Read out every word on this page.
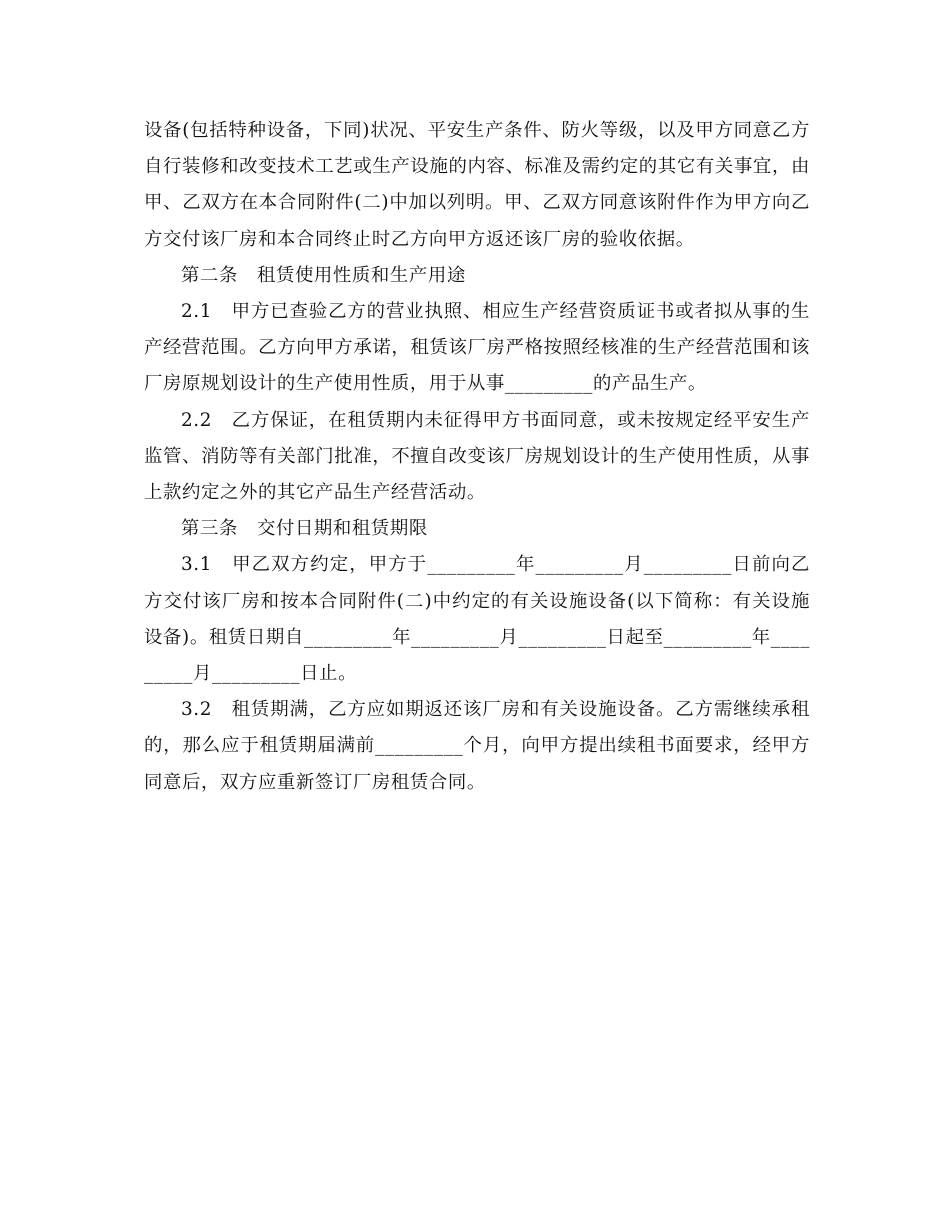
设备(包括特种设备，下同)状况、平安生产条件、防火等级，以及甲方同意乙方自行装修和改变技术工艺或生产设施的内容、标准及需约定的其它有关事宜，由甲、乙双方在本合同附件(二)中加以列明。甲、乙双方同意该附件作为甲方向乙方交付该厂房和本合同终止时乙方向甲方返还该厂房的验收依据。

第二条　租赁使用性质和生产用途

2.1　甲方已查验乙方的营业执照、相应生产经营资质证书或者拟从事的生产经营范围。乙方向甲方承诺，租赁该厂房严格按照经核准的生产经营范围和该厂房原规划设计的生产使用性质，用于从事_________的产品生产。

2.2　乙方保证，在租赁期内未征得甲方书面同意，或未按规定经平安生产监管、消防等有关部门批准，不擅自改变该厂房规划设计的生产使用性质，从事上款约定之外的其它产品生产经营活动。

第三条　交付日期和租赁期限

3.1　甲乙双方约定，甲方于_________年_________月_________日前向乙方交付该厂房和按本合同附件(二)中约定的有关设施设备(以下简称：有关设施设备)。租赁日期自_________年_________月_________日起至_________年_________月_________日止。

3.2　租赁期满，乙方应如期返还该厂房和有关设施设备。乙方需继续承租的，那么应于租赁期届满前_________个月，向甲方提出续租书面要求，经甲方同意后，双方应重新签订厂房租赁合同。
